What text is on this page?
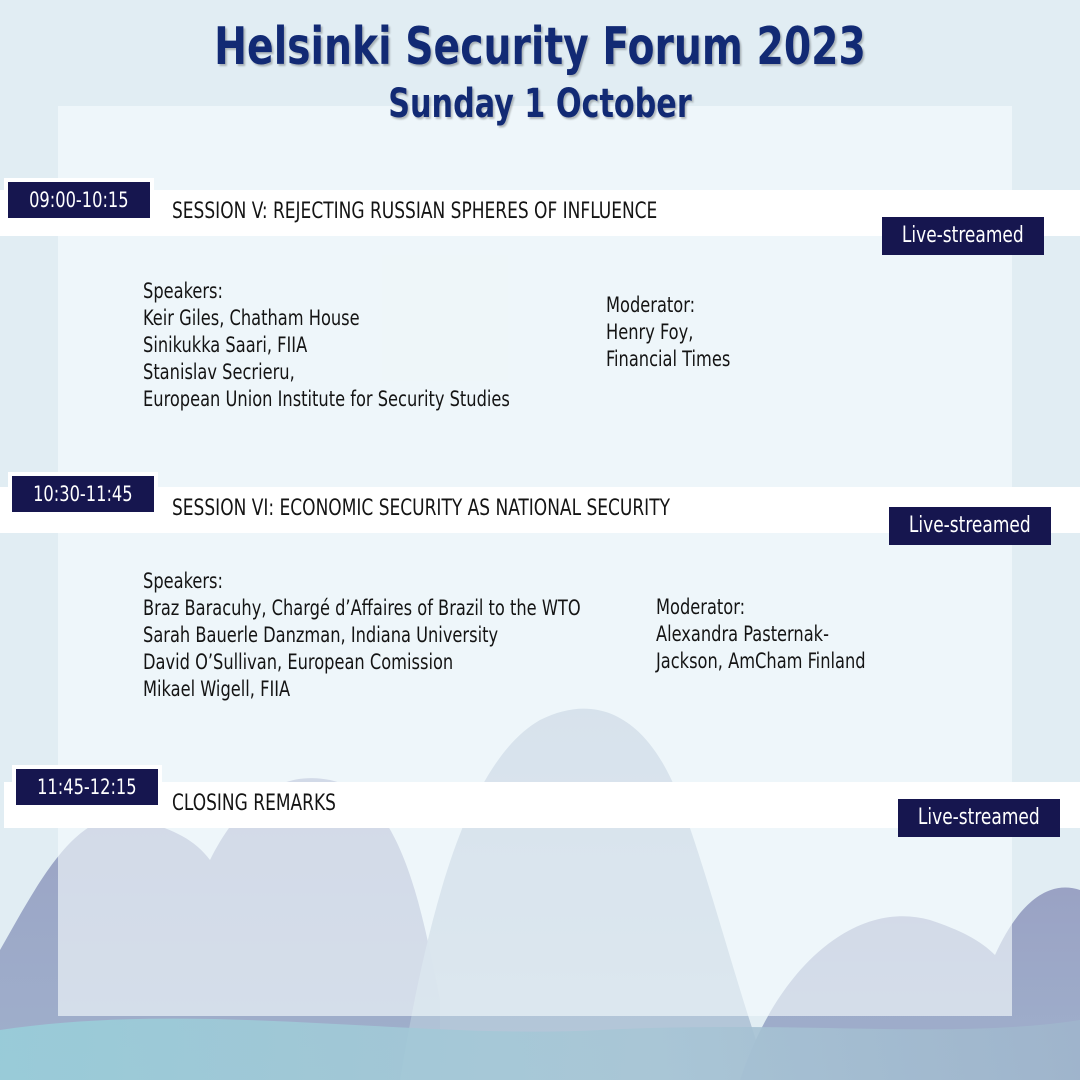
Helsinki Security Forum 2023
Sunday 1 October
SESSION V: REJECTING RUSSIAN SPHERES OF INFLUENCE
09:00-10:15
Live-streamed
Speakers:
Keir Giles, Chatham House
Sinikukka Saari, FIIA
Stanislav Secrieru,
European Union Institute for Security Studies
Moderator:
Henry Foy,
Financial Times
SESSION VI: ECONOMIC SECURITY AS NATIONAL SECURITY
10:30-11:45
Live-streamed
Speakers:
Braz Baracuhy, Chargé d’Affaires of Brazil to the WTO
Sarah Bauerle Danzman, Indiana University
David O’Sullivan, European Comission
Mikael Wigell, FIIA
Moderator:
Alexandra Pasternak-
Jackson, AmCham Finland
CLOSING REMARKS
11:45-12:15
Live-streamed
